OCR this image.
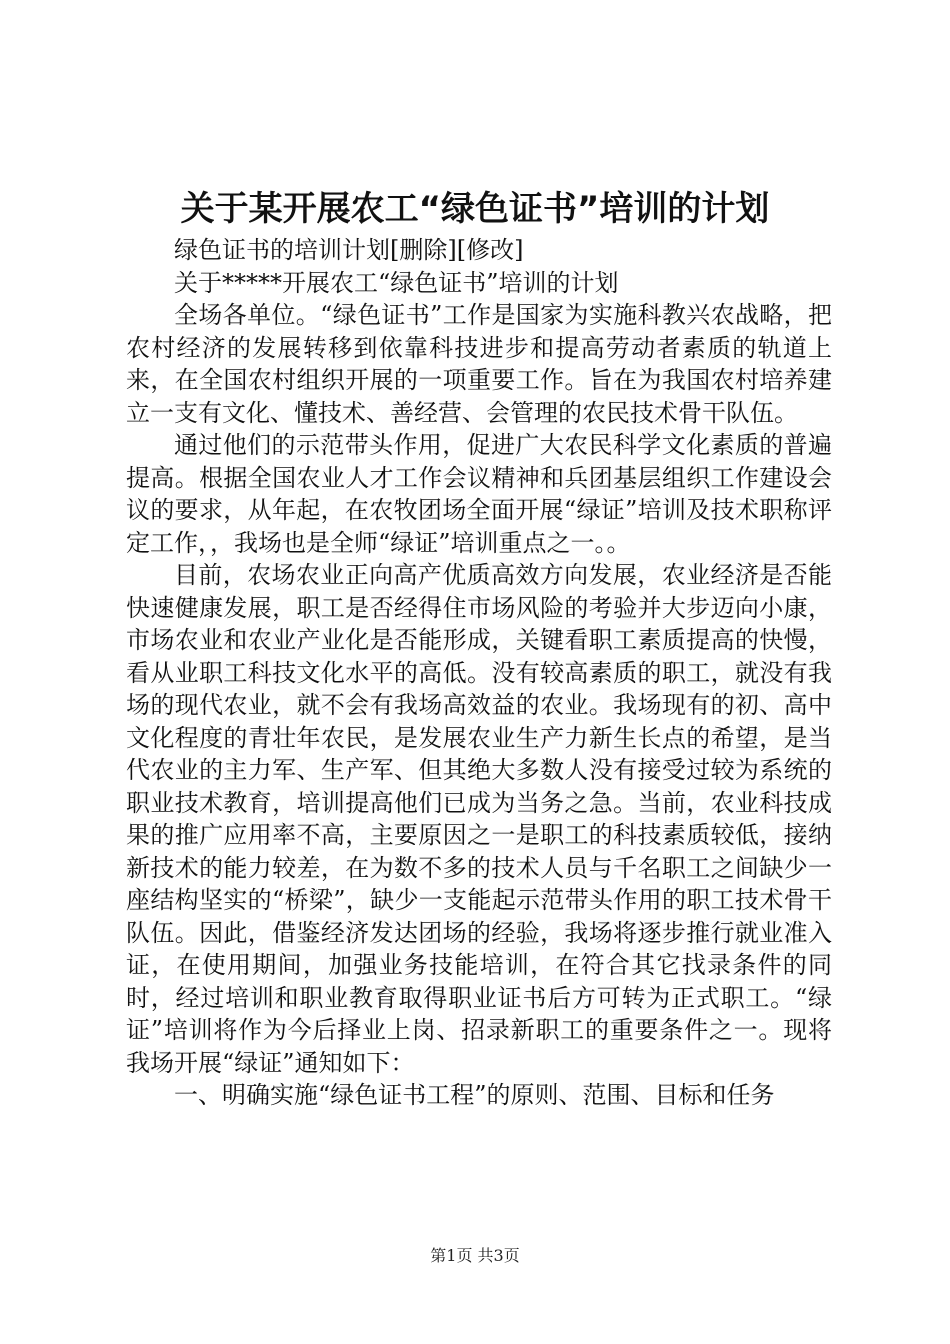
关于某开展农工“绿色证书”培训的计划

绿色证书的培训计划[删除][修改]

关于*****开展农工“绿色证书”培训的计划

全场各单位。“绿色证书”工作是国家为实施科教兴农战略，把农村经济的发展转移到依靠科技进步和提高劳动者素质的轨道上来，在全国农村组织开展的一项重要工作。旨在为我国农村培养建立一支有文化、懂技术、善经营、会管理的农民技术骨干队伍。

通过他们的示范带头作用，促进广大农民科学文化素质的普遍提高。根据全国农业人才工作会议精神和兵团基层组织工作建设会议的要求，从年起，在农牧团场全面开展“绿证”培训及技术职称评定工作，，我场也是全师“绿证”培训重点之一。。

目前，农场农业正向高产优质高效方向发展，农业经济是否能快速健康发展，职工是否经得住市场风险的考验并大步迈向小康，市场农业和农业产业化是否能形成，关键看职工素质提高的快慢，看从业职工科技文化水平的高低。没有较高素质的职工，就没有我场的现代农业，就不会有我场高效益的农业。我场现有的初、高中文化程度的青壮年农民，是发展农业生产力新生长点的希望，是当代农业的主力军、生产军、但其绝大多数人没有接受过较为系统的职业技术教育，培训提高他们已成为当务之急。当前，农业科技成果的推广应用率不高，主要原因之一是职工的科技素质较低，接纳新技术的能力较差，在为数不多的技术人员与千名职工之间缺少一座结构坚实的“桥梁”，缺少一支能起示范带头作用的职工技术骨干队伍。因此，借鉴经济发达团场的经验，我场将逐步推行就业准入证，在使用期间，加强业务技能培训，在符合其它找录条件的同时，经过培训和职业教育取得职业证书后方可转为正式职工。“绿证”培训将作为今后择业上岗、招录新职工的重要条件之一。现将我场开展“绿证”通知如下：

一、明确实施“绿色证书工程”的原则、范围、目标和任务

第1页 共3页
